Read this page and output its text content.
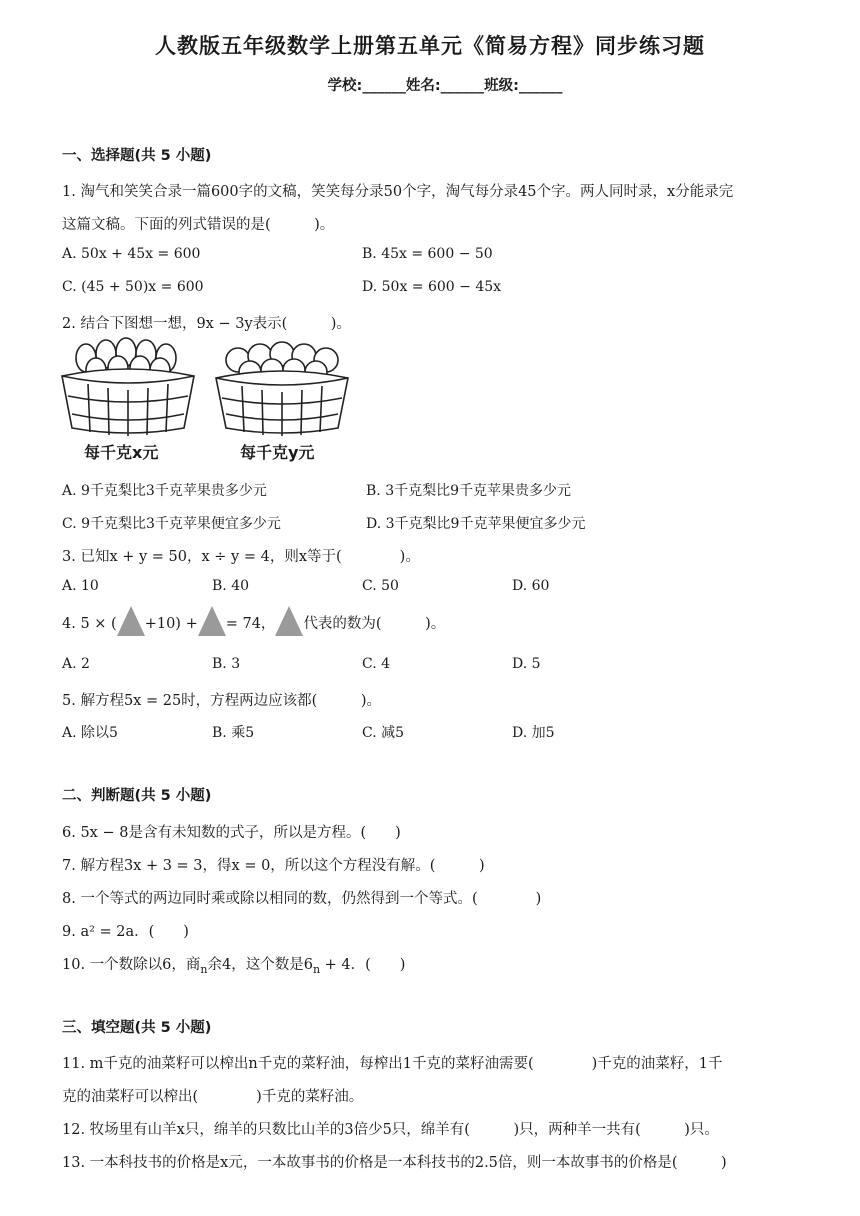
人教版五年级数学上册第五单元《简易方程》同步练习题
学校:______姓名:______班级:______
一、选择题(共 5 小题)
1. 淘气和笑笑合录一篇600字的文稿，笑笑每分录50个字，淘气每分录45个字。两人同时录，x分能录完
这篇文稿。下面的列式错误的是(　　　)。
A. 50x + 45x = 600	B. 45x = 600 − 50
C. (45 + 50)x = 600	D. 50x = 600 − 45x
2. 结合下图想一想，9x − 3y表示(　　　)。
每千克x元	每千克y元
A. 9千克梨比3千克苹果贵多少元	B. 3千克梨比9千克苹果贵多少元
C. 9千克梨比3千克苹果便宜多少元	D. 3千克梨比9千克苹果便宜多少元
3. 已知x + y = 50，x ÷ y = 4，则x等于(　　　　)。
A. 10	B. 40	C. 50	D. 60
4. 5 × ( +10) + = 74， 代表的数为(　　　)。
A. 2	B. 3	C. 4	D. 5
5. 解方程5x = 25时，方程两边应该都(　　　)。
A. 除以5	B. 乘5	C. 减5	D. 加5
二、判断题(共 5 小题)
6. 5x − 8是含有未知数的式子，所以是方程。(　　)
7. 解方程3x + 3 = 3，得x = 0，所以这个方程没有解。(　　　)
8. 一个等式的两边同时乘或除以相同的数，仍然得到一个等式。(　　　　)
9. a² = 2a．(　　)
10. 一个数除以6，商$_n$余4，这个数是$6_n + 4$．(　　)
三、填空题(共 5 小题)
11. m千克的油菜籽可以榨出n千克的菜籽油，每榨出1千克的菜籽油需要(　　　　)千克的油菜籽，1千
克的油菜籽可以榨出(　　　　)千克的菜籽油。
12. 牧场里有山羊x只，绵羊的只数比山羊的3倍少5只，绵羊有(　　　)只，两种羊一共有(　　　)只。
13. 一本科技书的价格是x元，一本故事书的价格是一本科技书的2.5倍，则一本故事书的价格是(　　　)
